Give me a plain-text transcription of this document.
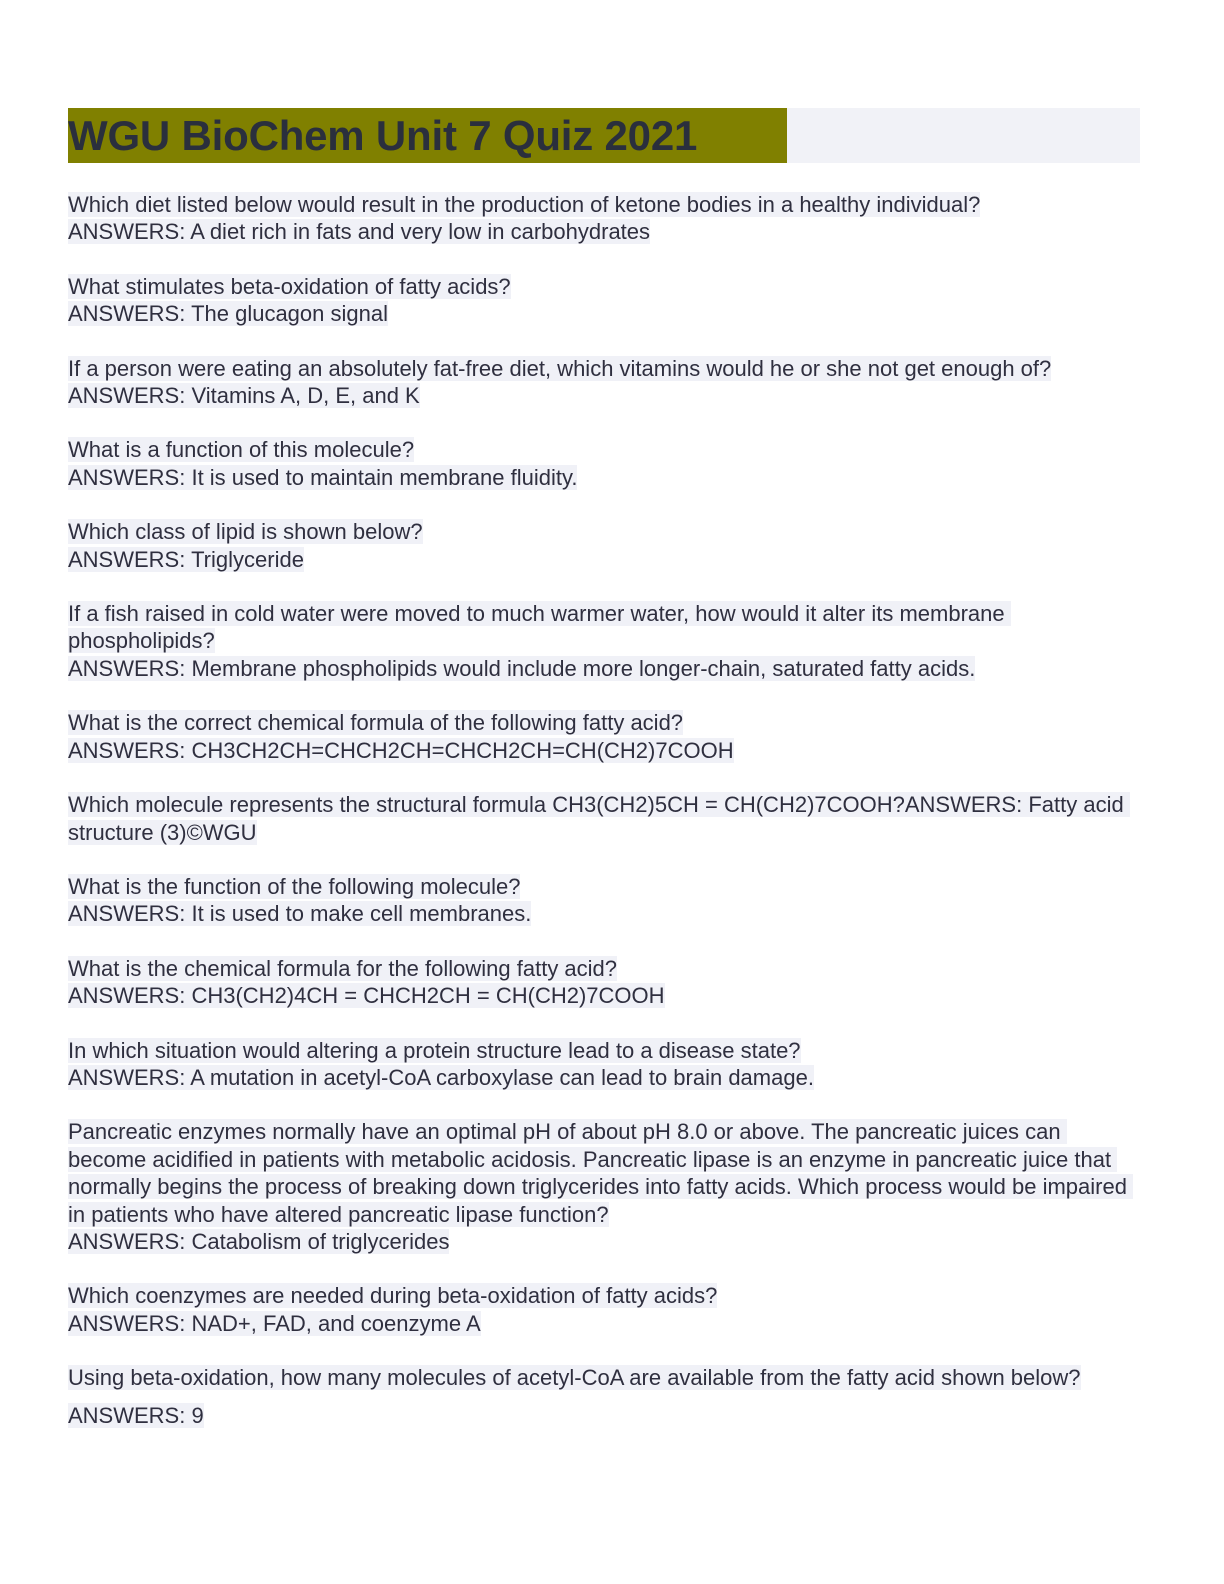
WGU BioChem Unit 7 Quiz 2021
Which diet listed below would result in the production of ketone bodies in a healthy individual?
ANSWERS: A diet rich in fats and very low in carbohydrates
What stimulates beta-oxidation of fatty acids?
ANSWERS: The glucagon signal
If a person were eating an absolutely fat-free diet, which vitamins would he or she not get enough of?
ANSWERS: Vitamins A, D, E, and K
What is a function of this molecule?
ANSWERS: It is used to maintain membrane fluidity.
Which class of lipid is shown below?
ANSWERS: Triglyceride
If a fish raised in cold water were moved to much warmer water, how would it alter its membrane phospholipids?
ANSWERS: Membrane phospholipids would include more longer-chain, saturated fatty acids.
What is the correct chemical formula of the following fatty acid?
ANSWERS: CH3CH2CH=CHCH2CH=CHCH2CH=CH(CH2)7COOH
Which molecule represents the structural formula CH3(CH2)5CH = CH(CH2)7COOH?ANSWERS: Fatty acid structure (3)©WGU
What is the function of the following molecule?
ANSWERS: It is used to make cell membranes.
What is the chemical formula for the following fatty acid?
ANSWERS: CH3(CH2)4CH = CHCH2CH = CH(CH2)7COOH
In which situation would altering a protein structure lead to a disease state?
ANSWERS: A mutation in acetyl-CoA carboxylase can lead to brain damage.
Pancreatic enzymes normally have an optimal pH of about pH 8.0 or above. The pancreatic juices can become acidified in patients with metabolic acidosis. Pancreatic lipase is an enzyme in pancreatic juice that normally begins the process of breaking down triglycerides into fatty acids. Which process would be impaired in patients who have altered pancreatic lipase function?
ANSWERS: Catabolism of triglycerides
Which coenzymes are needed during beta-oxidation of fatty acids?
ANSWERS: NAD+, FAD, and coenzyme A
Using beta-oxidation, how many molecules of acetyl-CoA are available from the fatty acid shown below?
ANSWERS: 9
